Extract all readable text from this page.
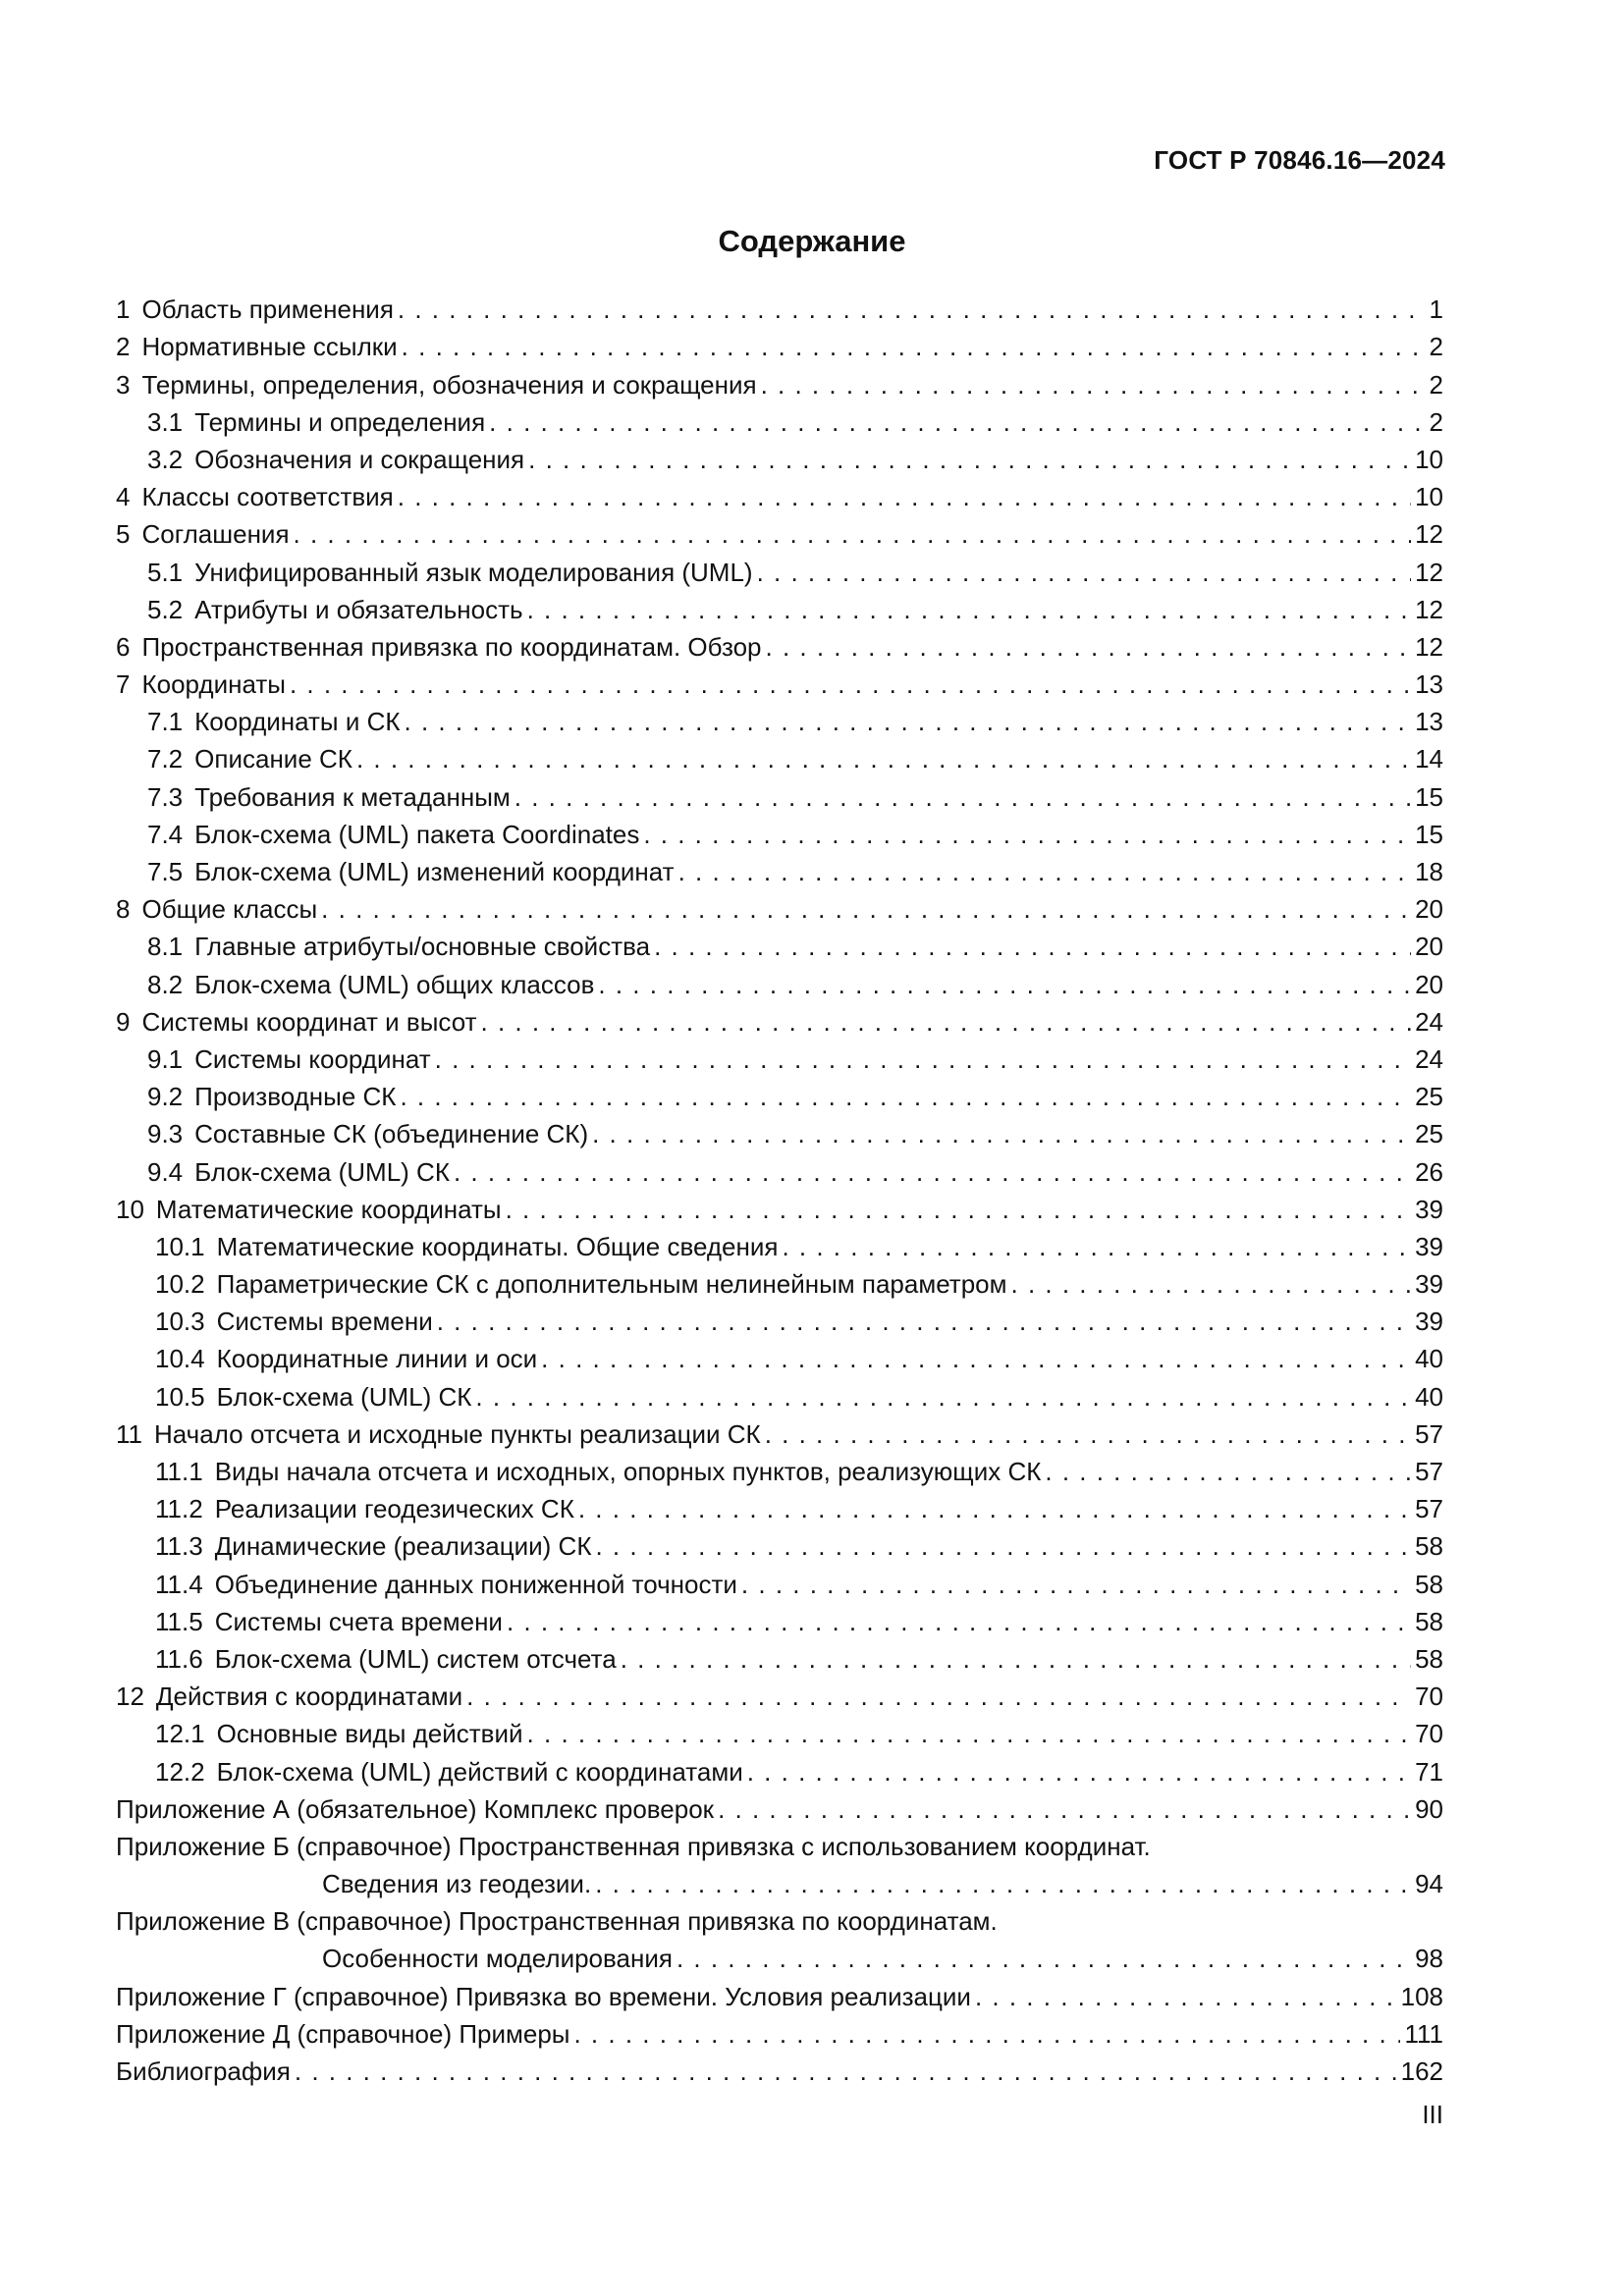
ГОСТ Р 70846.16—2024
Содержание
1 Область применения . . .	1
2 Нормативные ссылки . . .	2
3 Термины, определения, обозначения и сокращения . . .	2
3.1 Термины и определения . . .	2
3.2 Обозначения и сокращения . . .	10
4 Классы соответствия . . .	10
5 Соглашения . . .	12
5.1 Унифицированный язык моделирования (UML) . . .	12
5.2 Атрибуты и обязательность . . .	12
6 Пространственная привязка по координатам. Обзор . . .	12
7 Координаты . . .	13
7.1 Координаты и СК . . .	13
7.2 Описание СК . . .	14
7.3 Требования к метаданным . . .	15
7.4 Блок-схема (UML) пакета Coordinates . . .	15
7.5 Блок-схема (UML) изменений координат . . .	18
8 Общие классы . . .	20
8.1 Главные атрибуты/основные свойства . . .	20
8.2 Блок-схема (UML) общих классов . . .	20
9 Системы координат и высот . . .	24
9.1 Системы координат . . .	24
9.2 Производные СК . . .	25
9.3 Составные СК (объединение СК) . . .	25
9.4 Блок-схема (UML) СК . . .	26
10 Математические координаты . . .	39
10.1 Математические координаты. Общие сведения . . .	39
10.2 Параметрические СК с дополнительным нелинейным параметром . . .	39
10.3 Системы времени . . .	39
10.4 Координатные линии и оси . . .	40
10.5 Блок-схема (UML) СК . . .	40
11 Начало отсчета и исходные пункты реализации СК . . .	57
11.1 Виды начала отсчета и исходных, опорных пунктов, реализующих СК . . .	57
11.2 Реализации геодезических СК . . .	57
11.3 Динамические (реализации) СК . . .	58
11.4 Объединение данных пониженной точности . . .	58
11.5 Системы счета времени . . .	58
11.6 Блок-схема (UML) систем отсчета . . .	58
12 Действия с координатами . . .	70
12.1 Основные виды действий . . .	70
12.2 Блок-схема (UML) действий с координатами . . .	71
Приложение А (обязательное) Комплекс проверок . . .	90
Приложение Б (справочное) Пространственная привязка с использованием координат.
Сведения из геодезии. . . .	94
Приложение В (справочное) Пространственная привязка по координатам.
Особенности моделирования . . .	98
Приложение Г (справочное) Привязка во времени. Условия реализации . . .	108
Приложение Д (справочное) Примеры . . .	111
Библиография . . .	162
III
